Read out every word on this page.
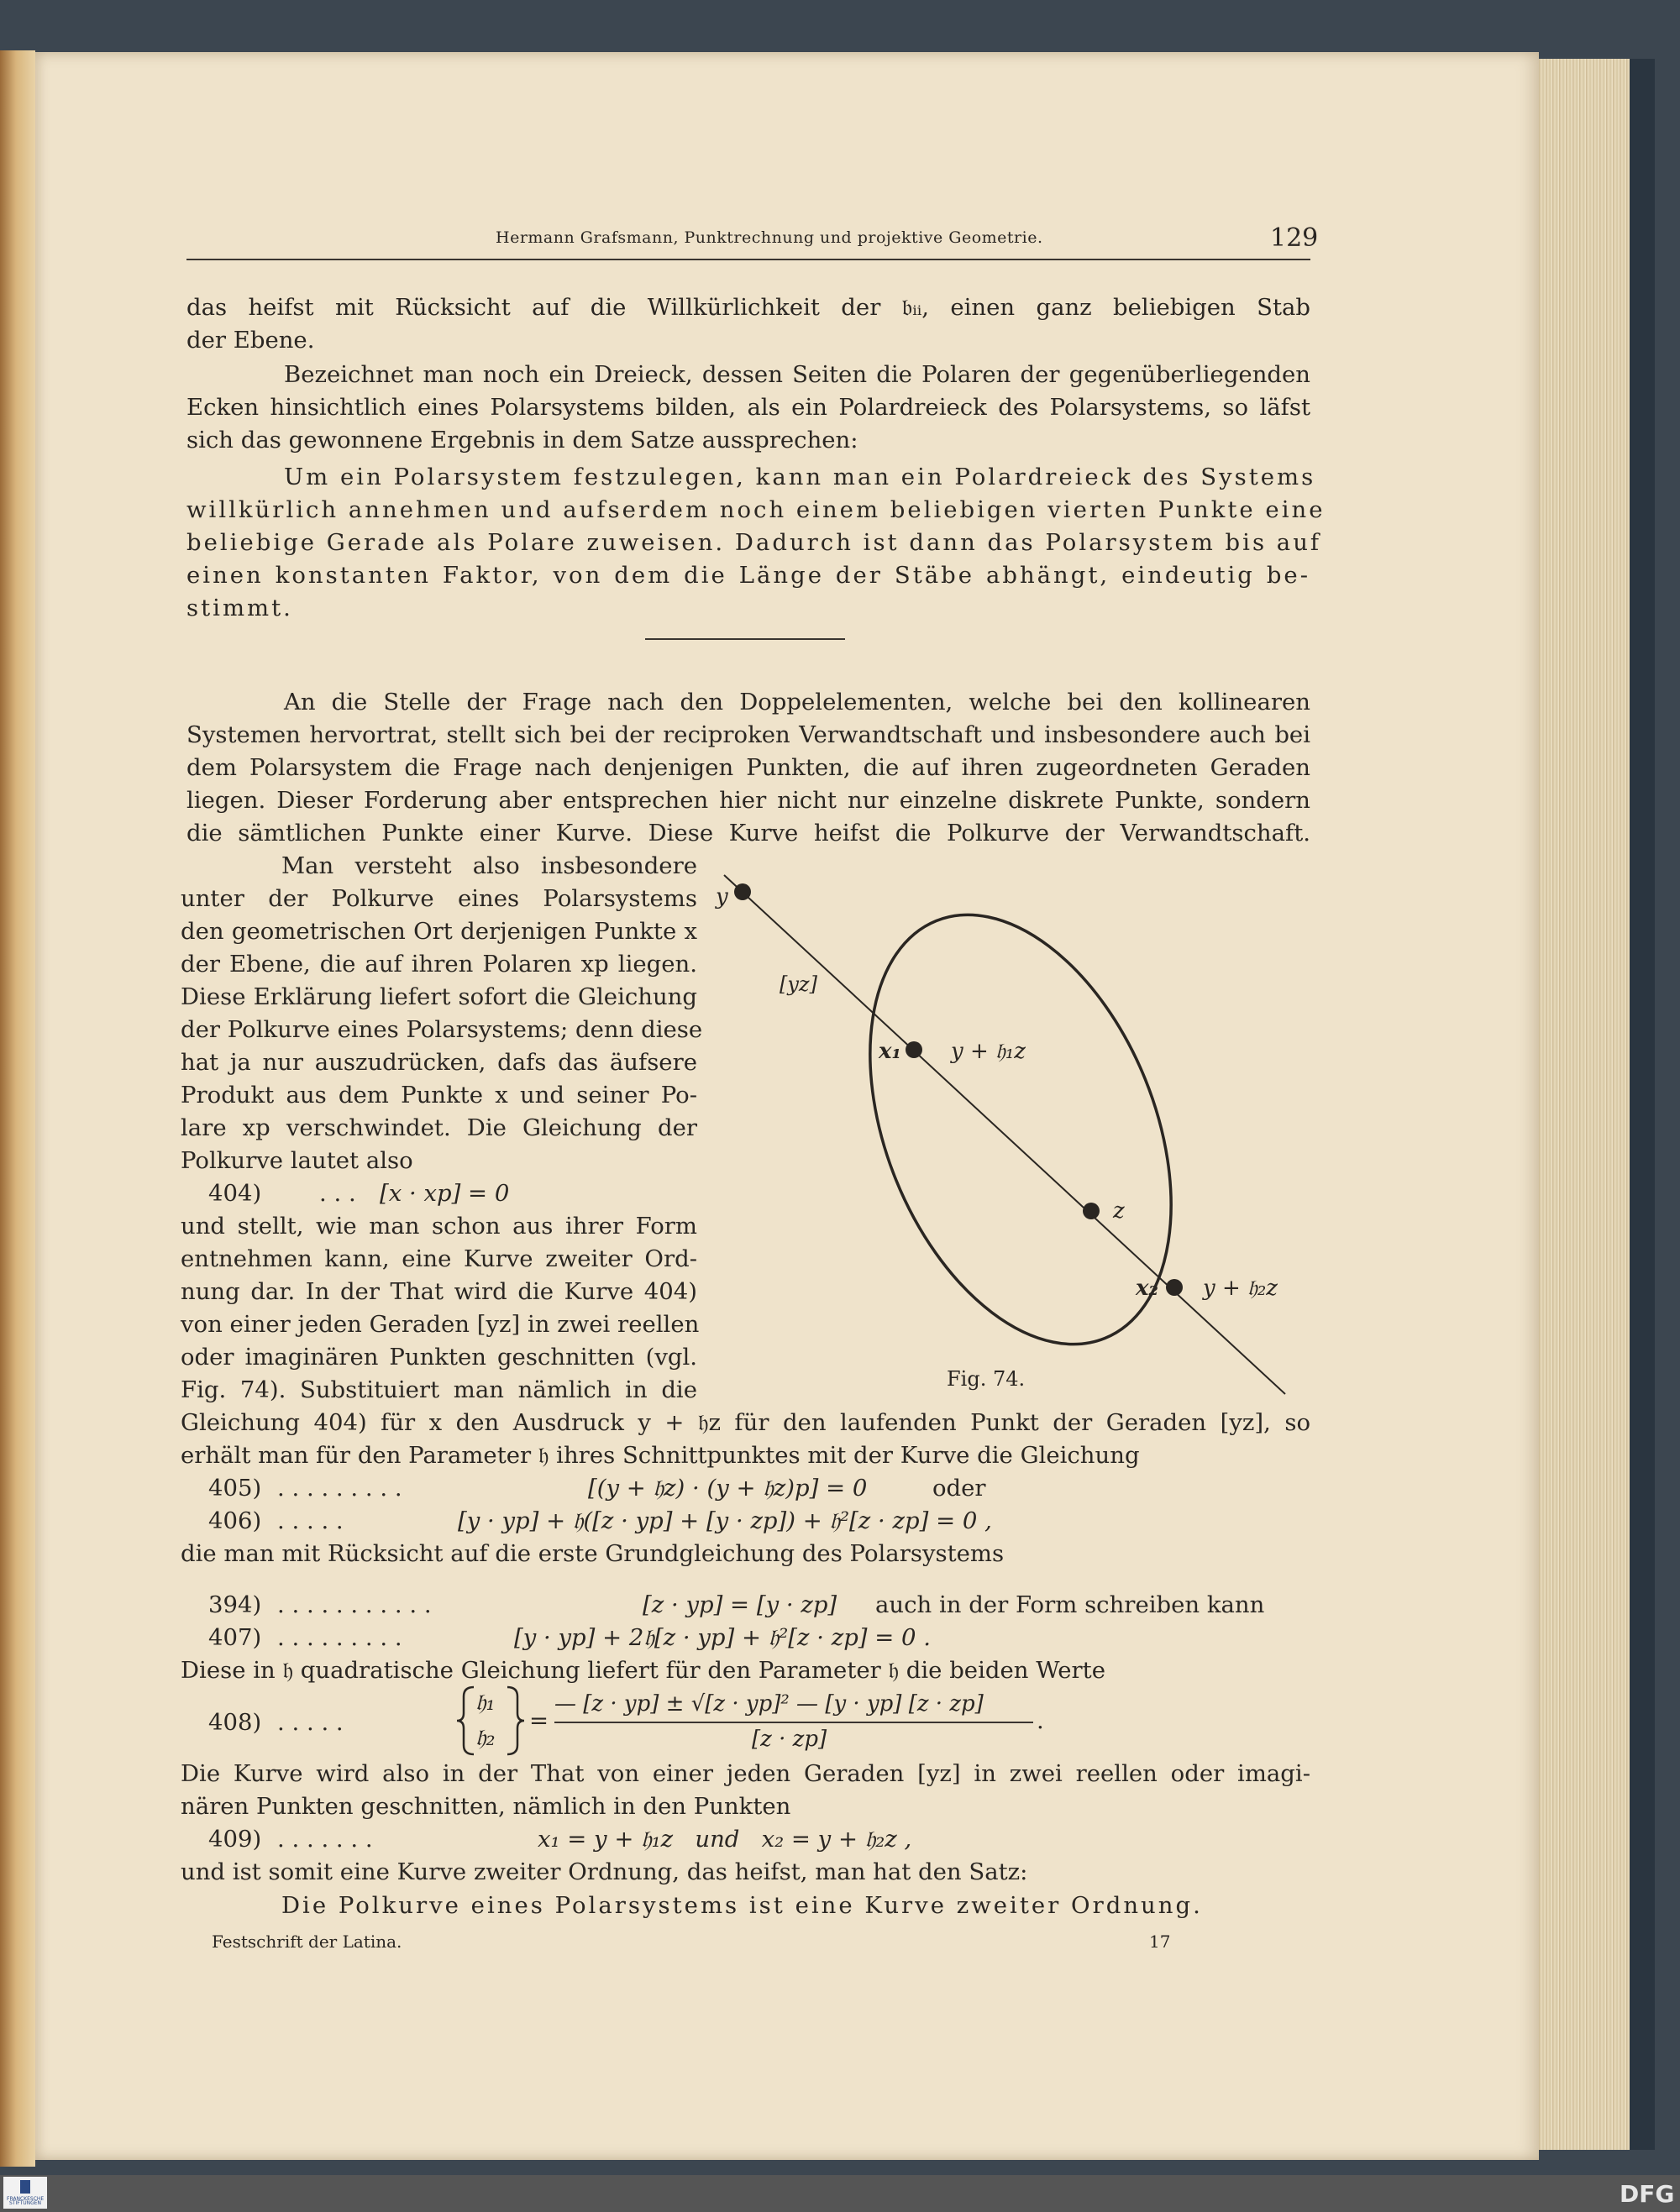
Hermann Grafsmann, Punktrechnung und projektive Geometrie.	129
das heifst mit Rücksicht auf die Willkürlichkeit der 𝔟ᵢᵢ, einen ganz beliebigen Stab
der Ebene.
Bezeichnet man noch ein Dreieck, dessen Seiten die Polaren der gegenüberliegenden
Ecken hinsichtlich eines Polarsystems bilden, als ein Polardreieck des Polarsystems, so läfst
sich das gewonnene Ergebnis in dem Satze aussprechen:
Um ein Polarsystem festzulegen, kann man ein Polardreieck des Systems
willkürlich annehmen und aufserdem noch einem beliebigen vierten Punkte eine
beliebige Gerade als Polare zuweisen. Dadurch ist dann das Polarsystem bis auf
einen konstanten Faktor, von dem die Länge der Stäbe abhängt, eindeutig be-
stimmt.
An die Stelle der Frage nach den Doppelelementen, welche bei den kollinearen
Systemen hervortrat, stellt sich bei der reciproken Verwandtschaft und insbesondere auch bei
dem Polarsystem die Frage nach denjenigen Punkten, die auf ihren zugeordneten Geraden
liegen. Dieser Forderung aber entsprechen hier nicht nur einzelne diskrete Punkte, sondern
die sämtlichen Punkte einer Kurve. Diese Kurve heifst die Polkurve der Verwandtschaft.
Man versteht also insbesondere
unter der Polkurve eines Polarsystems
den geometrischen Ort derjenigen Punkte x
der Ebene, die auf ihren Polaren xp liegen.
Diese Erklärung liefert sofort die Gleichung
der Polkurve eines Polarsystems; denn diese
hat ja nur auszudrücken, dafs das äufsere
Produkt aus dem Punkte x und seiner Po-
lare xp verschwindet. Die Gleichung der
Polkurve lautet also
404)	. . . [x · xp] = 0
und stellt, wie man schon aus ihrer Form
entnehmen kann, eine Kurve zweiter Ord-
nung dar. In der That wird die Kurve 404)
von einer jeden Geraden [yz] in zwei reellen
oder imaginären Punkten geschnitten (vgl.
Fig. 74). Substituiert man nämlich in die
y
[yz]
x₁ y + 𝔥₁z
z
x₂ y + 𝔥₂z
Fig. 74.
Gleichung 404) für x den Ausdruck y + 𝔥z für den laufenden Punkt der Geraden [yz], so
erhält man für den Parameter 𝔥 ihres Schnittpunktes mit der Kurve die Gleichung
405) . . . . . . . . .	[(y + 𝔥z) · (y + 𝔥z)p] = 0	oder
406) . . . . .	[y · yp] + 𝔥([z · yp] + [y · zp]) + 𝔥²[z · zp] = 0 ,
die man mit Rücksicht auf die erste Grundgleichung des Polarsystems
394) . . . . . . . . . . .	[z · yp] = [y · zp] auch in der Form schreiben kann
407) . . . . . . . . .	[y · yp] + 2𝔥[z · yp] + 𝔥²[z · zp] = 0 .
Diese in 𝔥 quadratische Gleichung liefert für den Parameter 𝔥 die beiden Werte
408) . . . . .
𝔥₁
𝔥₂
=
— [z · yp] ± √[z · yp]² — [y · yp] [z · zp]
[z · zp]
.
Die Kurve wird also in der That von einer jeden Geraden [yz] in zwei reellen oder imagi-
nären Punkten geschnitten, nämlich in den Punkten
409) . . . . . . .	x₁ = y + 𝔥₁z   und   x₂ = y + 𝔥₂z ,
und ist somit eine Kurve zweiter Ordnung, das heifst, man hat den Satz:
Die Polkurve eines Polarsystems ist eine Kurve zweiter Ordnung.
Festschrift der Latina.	17
FRANCKESCHE STIFTUNGEN	DFG
